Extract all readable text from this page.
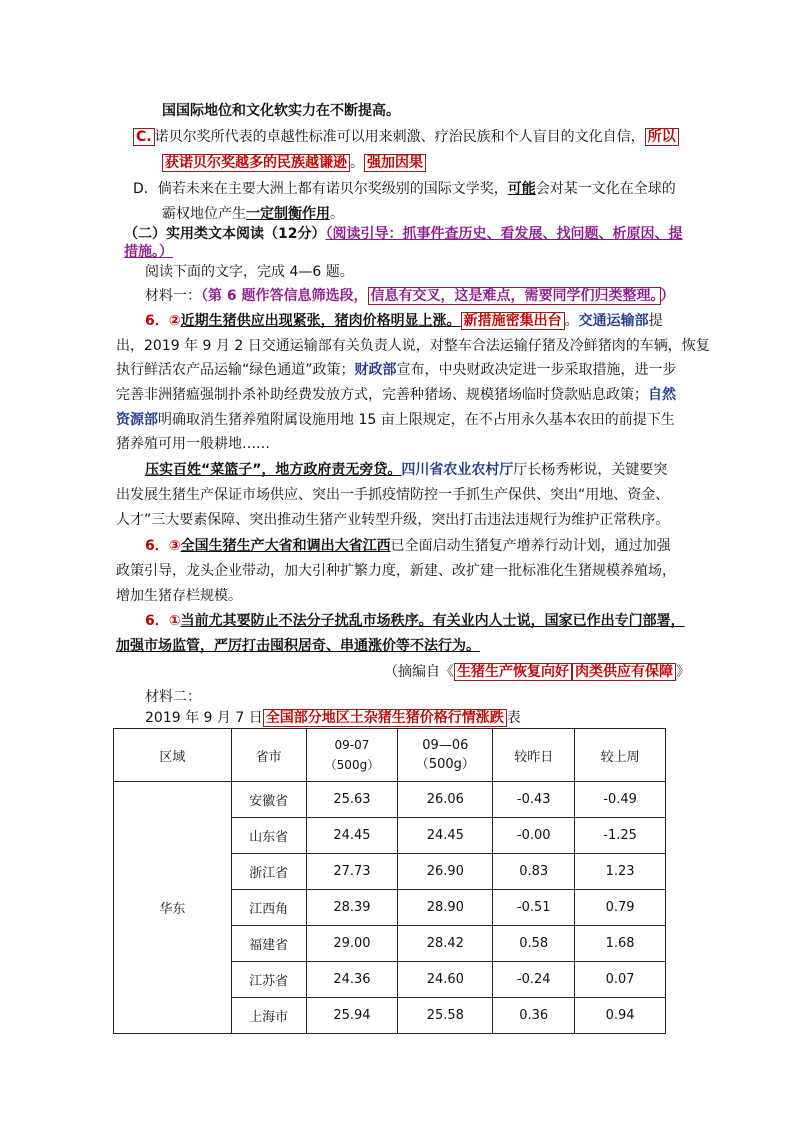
国国际地位和文化软实力在不断提高。
C. 诺贝尔奖所代表的卓越性标准可以用来刺激、疗治民族和个人盲目的文化自信， 所以
获诺贝尔奖越多的民族越谦逊 。 强加因果
D．倘若未来在主要大洲上都有诺贝尔奖级别的国际文学奖，可能会对某一文化在全球的
霸权地位产生一定制衡作用。
（二）实用类文本阅读（12分）（阅读引导：抓事件查历史、看发展、找问题、析原因、提
措施。）
阅读下面的文字，完成 4—6 题。
材料一：（第 6 题作答信息筛选段， 信息有交叉，这是难点，需要同学们归类整理。 ）
6．②近期生猪供应出现紧张，猪肉价格明显上涨。 新措施密集出台 。交通运输部提
出，2019 年 9 月 2 日交通运输部有关负责人说，对整车合法运输仔猪及冷鲜猪肉的车辆，恢复
执行鲜活农产品运输“绿色通道”政策；财政部宣布，中央财政决定进一步采取措施，进一步
完善非洲猪瘟强制扑杀补助经费发放方式，完善种猪场、规模猪场临时贷款贴息政策；自然
资源部明确取消生猪养殖附属设施用地 15 亩上限规定，在不占用永久基本农田的前提下生
猪养殖可用一般耕地……
压实百姓“菜篮子”，地方政府责无旁贷。四川省农业农村厅厅长杨秀彬说，关键要突
出发展生猪生产保证市场供应、突出一手抓疫情防控一手抓生产保供、突出“用地、资金、
人才”三大要素保障、突出推动生猪产业转型升级，突出打击违法违规行为维护正常秩序。
6．③全国生猪生产大省和调出大省江西已全面启动生猪复产增养行动计划，通过加强
政策引导，龙头企业带动，加大引种扩繁力度，新建、改扩建一批标准化生猪规模养殖场，
增加生猪存栏规模。
6．①当前尤其要防止不法分子扰乱市场秩序。有关业内人士说，国家已作出专门部署，
加强市场监管，严厉打击囤积居奇、串通涨价等不法行为。
（摘编自《 生猪生产恢复向好 肉类供应有保障 》
材料二：
2019 年 9 月 7 日 全国部分地区土杂猪生猪价格行情涨跌 表
区域	省市	09-07
（500g）	09—06（500g）	较昨日	较上周
华东	安徽省	25.63	26.06	-0.43	-0.49
	山东省	24.45	24.45	-0.00	-1.25
	浙江省	27.73	26.90	0.83	1.23
	江西角	28.39	28.90	-0.51	0.79
	福建省	29.00	28.42	0.58	1.68
	江苏省	24.36	24.60	-0.24	0.07
	上海市	25.94	25.58	0.36	0.94
